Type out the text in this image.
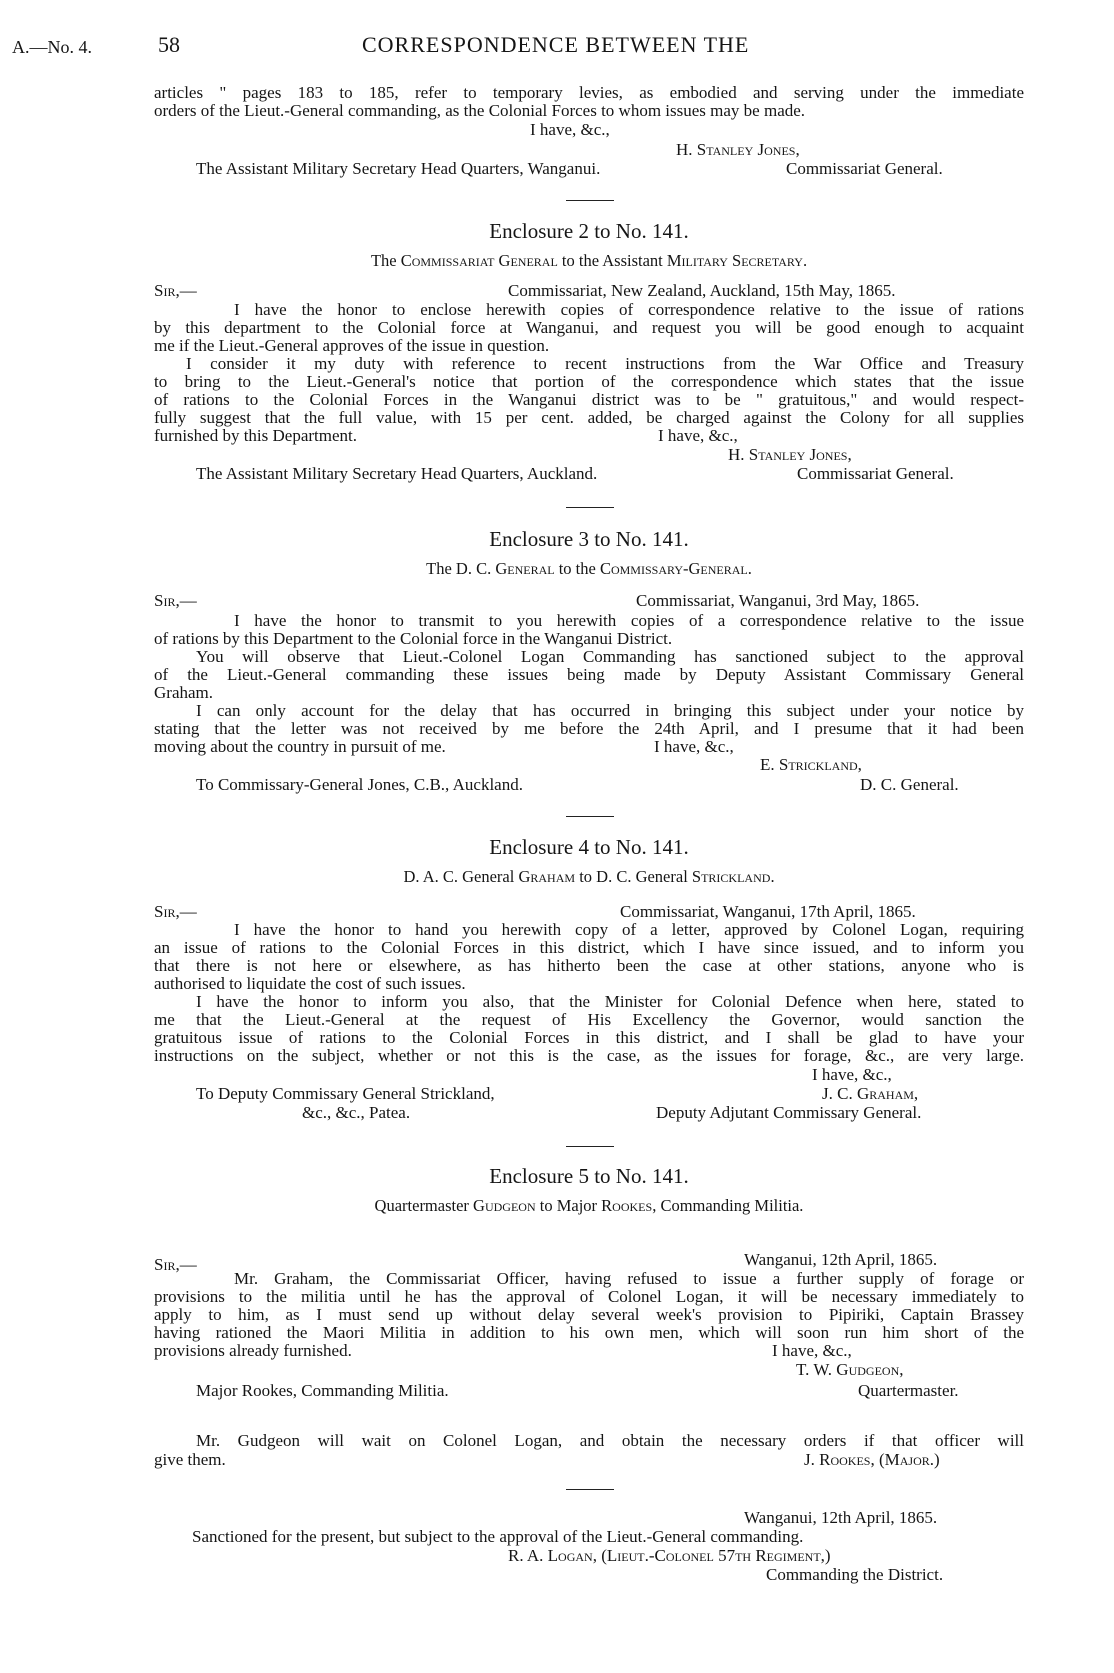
A.—No. 4.	58	CORRESPONDENCE BETWEEN THE
articles " pages 183 to 185, refer to temporary levies, as embodied and serving under the immediate
orders of the Lieut.-General commanding, as the Colonial Forces to whom issues may be made.
I have, &c.,
H. Stanley Jones,
The Assistant Military Secretary Head Quarters, Wanganui.	Commissariat General.
Enclosure 2 to No. 141.
The Commissariat General to the Assistant Military Secretary.
Sir,—	Commissariat, New Zealand, Auckland, 15th May, 1865.
I have the honor to enclose herewith copies of correspondence relative to the issue of rations
by this department to the Colonial force at Wanganui, and request you will be good enough to acquaint
me if the Lieut.-General approves of the issue in question.
I consider it my duty with reference to recent instructions from the War Office and Treasury
to bring to the Lieut.-General's notice that portion of the correspondence which states that the issue
of rations to the Colonial Forces in the Wanganui district was to be " gratuitous," and would respect-
fully suggest that the full value, with 15 per cent. added, be charged against the Colony for all supplies
furnished by this Department.	I have, &c.,
H. Stanley Jones,
The Assistant Military Secretary Head Quarters, Auckland.	Commissariat General.
Enclosure 3 to No. 141.
The D. C. General to the Commissary-General.
Sir,—	Commissariat, Wanganui, 3rd May, 1865.
I have the honor to transmit to you herewith copies of a correspondence relative to the issue
of rations by this Department to the Colonial force in the Wanganui District.
You will observe that Lieut.-Colonel Logan Commanding has sanctioned subject to the approval
of the Lieut.-General commanding these issues being made by Deputy Assistant Commissary General
Graham.
I can only account for the delay that has occurred in bringing this subject under your notice by
stating that the letter was not received by me before the 24th April, and I presume that it had been
moving about the country in pursuit of me.	I have, &c.,
E. Strickland,
To Commissary-General Jones, C.B., Auckland.	D. C. General.
Enclosure 4 to No. 141.
D. A. C. General Graham to D. C. General Strickland.
Sir,—	Commissariat, Wanganui, 17th April, 1865.
I have the honor to hand you herewith copy of a letter, approved by Colonel Logan, requiring
an issue of rations to the Colonial Forces in this district, which I have since issued, and to inform you
that there is not here or elsewhere, as has hitherto been the case at other stations, anyone who is
authorised to liquidate the cost of such issues.
I have the honor to inform you also, that the Minister for Colonial Defence when here, stated to
me that the Lieut.-General at the request of His Excellency the Governor, would sanction the
gratuitous issue of rations to the Colonial Forces in this district, and I shall be glad to have your
instructions on the subject, whether or not this is the case, as the issues for forage, &c., are very large.
I have, &c.,
To Deputy Commissary General Strickland,	J. C. Graham,
&c., &c., Patea.	Deputy Adjutant Commissary General.
Enclosure 5 to No. 141.
Quartermaster Gudgeon to Major Rookes, Commanding Militia.
Sir,—	Wanganui, 12th April, 1865.
Mr. Graham, the Commissariat Officer, having refused to issue a further supply of forage or
provisions to the militia until he has the approval of Colonel Logan, it will be necessary immediately to
apply to him, as I must send up without delay several week's provision to Pipiriki, Captain Brassey
having rationed the Maori Militia in addition to his own men, which will soon run him short of the
provisions already furnished.	I have, &c.,
T. W. Gudgeon,
Major Rookes, Commanding Militia.	Quartermaster.
Mr. Gudgeon will wait on Colonel Logan, and obtain the necessary orders if that officer will
give them.	J. Rookes, (Major.)
Wanganui, 12th April, 1865.
Sanctioned for the present, but subject to the approval of the Lieut.-General commanding.
R. A. Logan, (Lieut.-Colonel 57th Regiment,)
Commanding the District.
